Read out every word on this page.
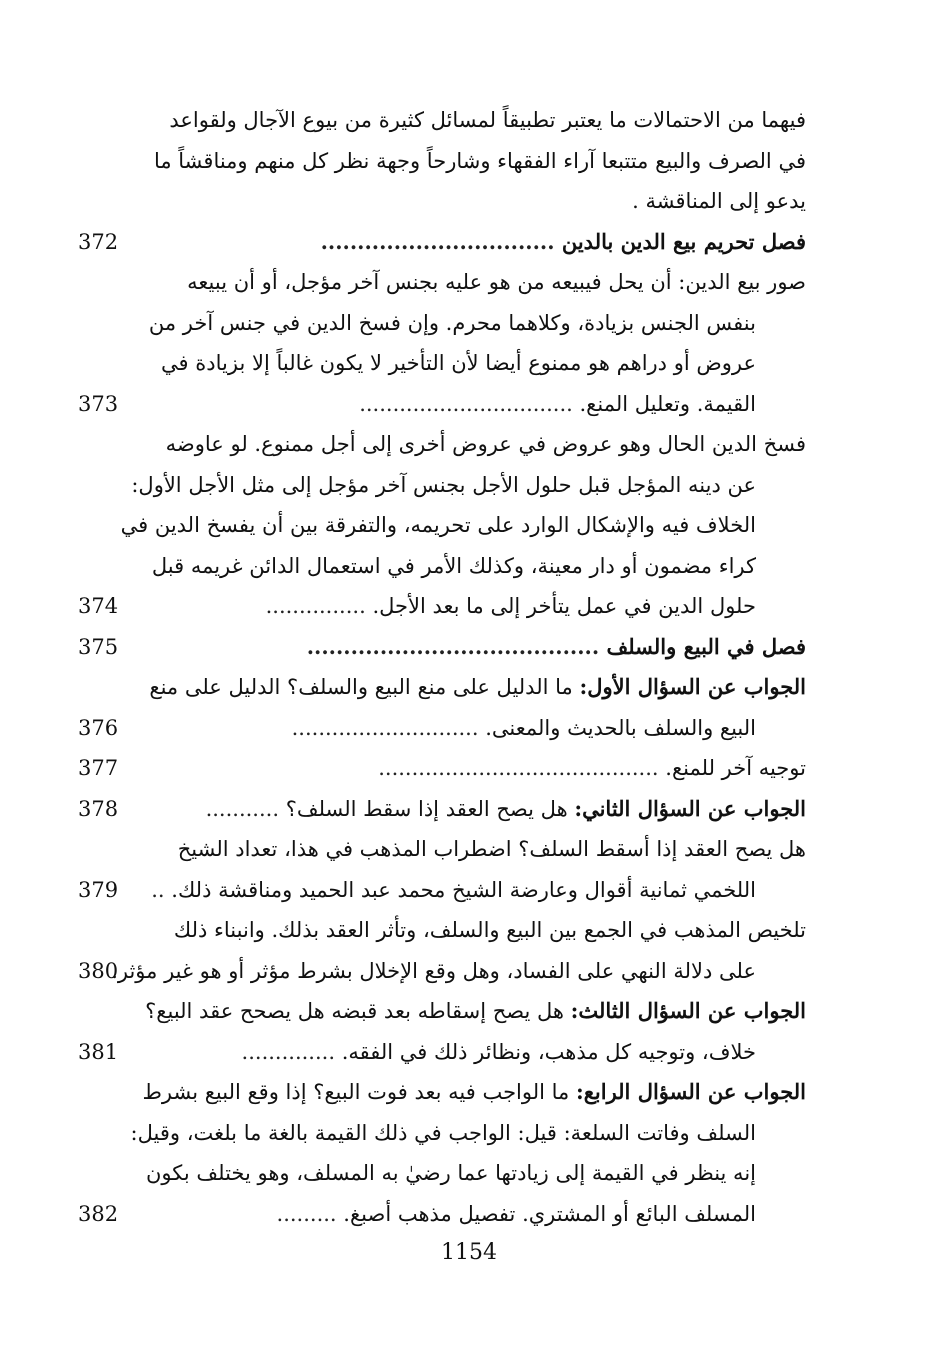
فيهما من الاحتمالات ما يعتبر تطبيقاً لمسائل كثيرة من بيوع الآجال ولقواعد
في الصرف والبيع متتبعا آراء الفقهاء وشارحاً وجهة نظر كل منهم ومناقشاً ما
يدعو إلى المناقشة .
فصل تحريم بيع الدين بالدين ................................
372
صور بيع الدين: أن يحل فيبيعه من هو عليه بجنس آخر مؤجل، أو أن يبيعه
بنفس الجنس بزيادة، وكلاهما محرم. وإن فسخ الدين في جنس آخر من
عروض أو دراهم هو ممنوع أيضا لأن التأخير لا يكون غالباً إلا بزيادة في
القيمة. وتعليل المنع. ................................
373
فسخ الدين الحال وهو عروض في عروض أخرى إلى أجل ممنوع. لو عاوضه
عن دينه المؤجل قبل حلول الأجل بجنس آخر مؤجل إلى مثل الأجل الأول:
الخلاف فيه والإشكال الوارد على تحريمه، والتفرقة بين أن يفسخ الدين في
كراء مضمون أو دار معينة، وكذلك الأمر في استعمال الدائن غريمه قبل
حلول الدين في عمل يتأخر إلى ما بعد الأجل. ...............
374
فصل في البيع والسلف ........................................
375
الجواب عن السؤال الأول: ما الدليل على منع البيع والسلف؟ الدليل على منع
البيع والسلف بالحديث والمعنى. ............................
376
توجيه آخر للمنع. ..........................................
377
الجواب عن السؤال الثاني: هل يصح العقد إذا سقط السلف؟ ...........
378
هل يصح العقد إذا أسقط السلف؟ اضطراب المذهب في هذا، تعداد الشيخ
اللخمي ثمانية أقوال وعارضة الشيخ محمد عبد الحميد ومناقشة ذلك. ..
379
تلخيص المذهب في الجمع بين البيع والسلف، وتأثر العقد بذلك. وانبناء ذلك
على دلالة النهي على الفساد، وهل وقع الإخلال بشرط مؤثر أو هو غير مؤثر.
380
الجواب عن السؤال الثالث: هل يصح إسقاطه بعد قبضه هل يصحح عقد البيع؟
خلاف، وتوجيه كل مذهب، ونظائر ذلك في الفقه. ..............
381
الجواب عن السؤال الرابع: ما الواجب فيه بعد فوت البيع؟ إذا وقع البيع بشرط
السلف وفاتت السلعة: قيل: الواجب في ذلك القيمة بالغة ما بلغت، وقيل:
إنه ينظر في القيمة إلى زيادتها عما رضيٰ به المسلف، وهو يختلف بكون
المسلف البائع أو المشتري. تفصيل مذهب أصبغ. .........
382
1154
